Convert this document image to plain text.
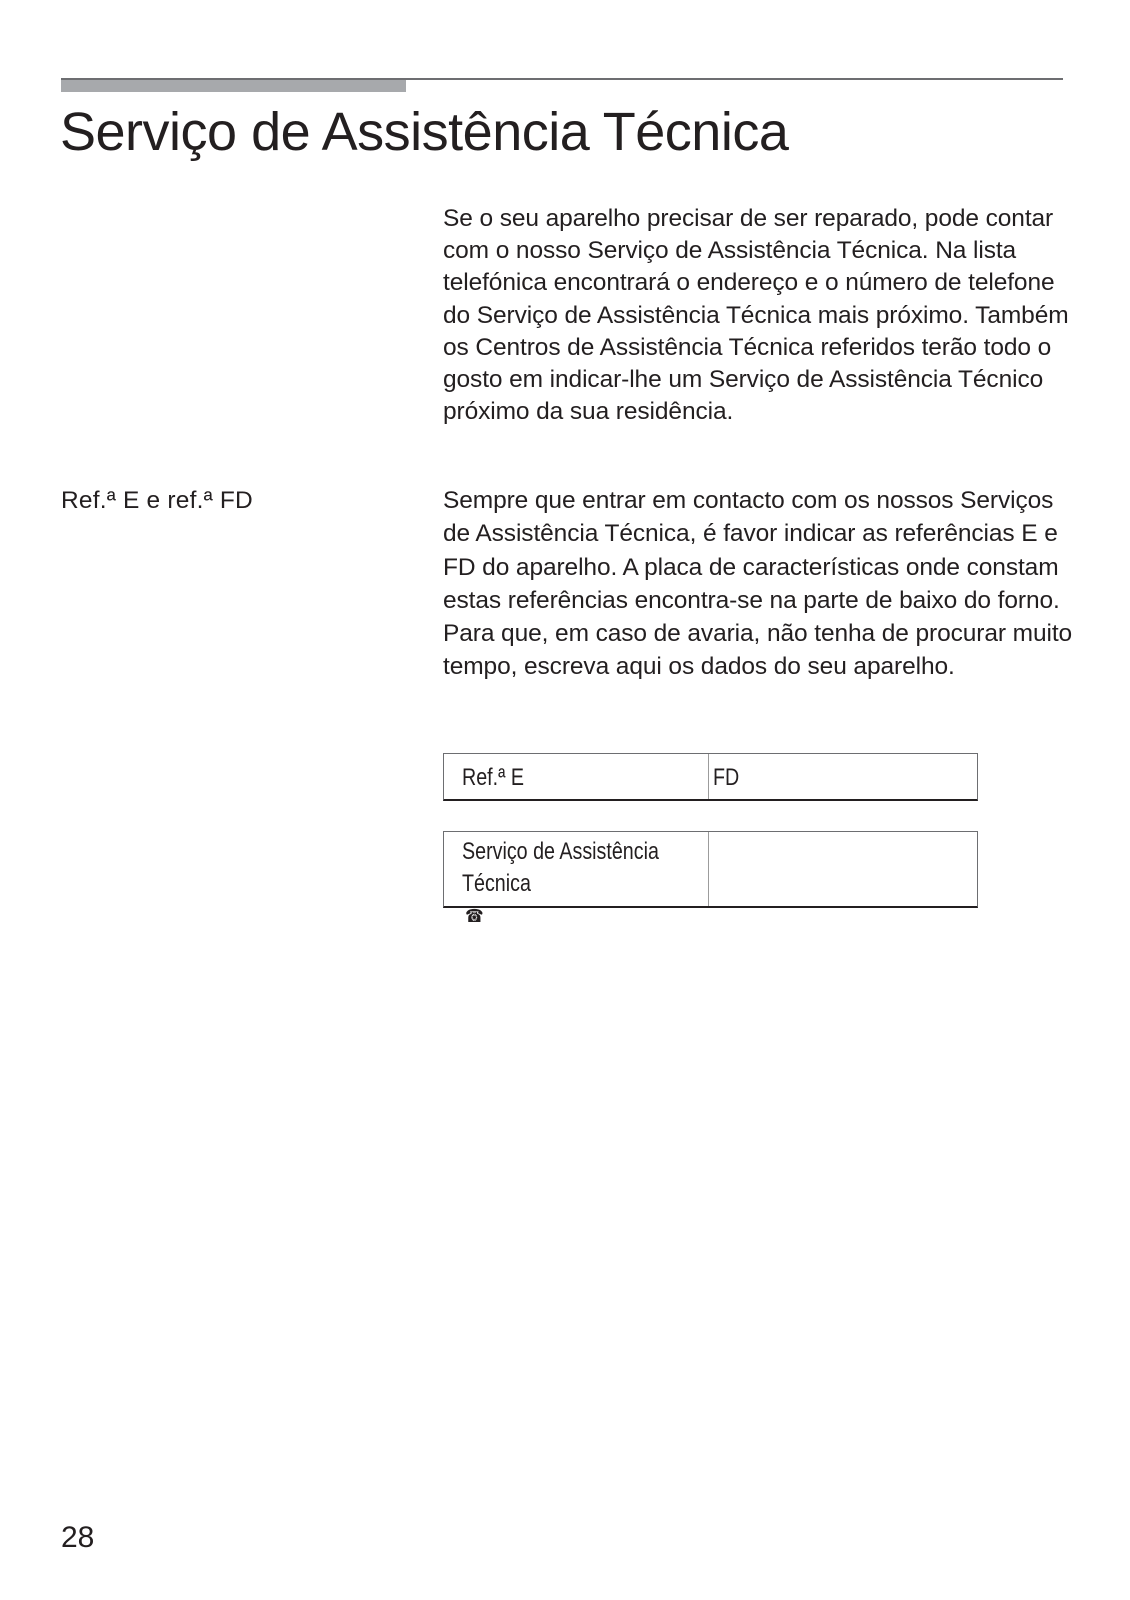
Serviço de Assistência Técnica

Se o seu aparelho precisar de ser reparado, pode contar com o nosso Serviço de Assistência Técnica. Na lista telefónica encontrará o endereço e o número de telefone do Serviço de Assistência Técnica mais próximo. Também os Centros de Assistência Técnica referidos terão todo o gosto em indicar-lhe um Serviço de Assistência Técnico próximo da sua residência.

Ref.ª E e ref.ª FD	Sempre que entrar em contacto com os nossos Serviços de Assistência Técnica, é favor indicar as referências E e FD do aparelho. A placa de características onde constam estas referências encontra-se na parte de baixo do forno. Para que, em caso de avaria, não tenha de procurar muito tempo, escreva aqui os dados do seu aparelho.

Ref.ª E	FD
Serviço de Assistência
Técnica
☎

28
